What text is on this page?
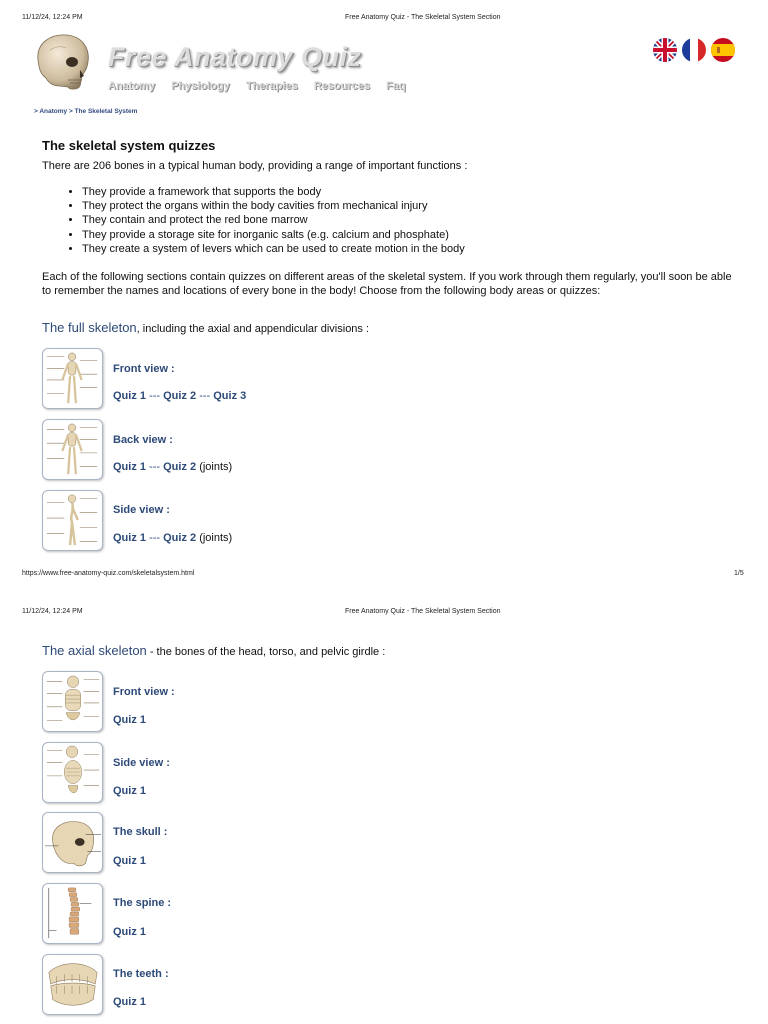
11/12/24, 12:24 PM	Free Anatomy Quiz - The Skeletal System Section
Free Anatomy Quiz
Anatomy Physiology Therapies Resources Faq
> Anatomy > The Skeletal System
The skeletal system quizzes
There are 206 bones in a typical human body, providing a range of important functions :
• They provide a framework that supports the body
• They protect the organs within the body cavities from mechanical injury
• They contain and protect the red bone marrow
• They provide a storage site for inorganic salts (e.g. calcium and phosphate)
• They create a system of levers which can be used to create motion in the body
Each of the following sections contain quizzes on different areas of the skeletal system. If you work through them regularly, you'll soon be able to remember the names and locations of every bone in the body! Choose from the following body areas or quizzes:
The full skeleton, including the axial and appendicular divisions :
Front view :
Quiz 1 --- Quiz 2 --- Quiz 3
Back view :
Quiz 1 --- Quiz 2 (joints)
Side view :
Quiz 1 --- Quiz 2 (joints)
https://www.free-anatomy-quiz.com/skeletalsystem.html	1/5
11/12/24, 12:24 PM	Free Anatomy Quiz - The Skeletal System Section
The axial skeleton - the bones of the head, torso, and pelvic girdle :
Front view :
Quiz 1
Side view :
Quiz 1
The skull :
Quiz 1
The spine :
Quiz 1
The teeth :
Quiz 1
